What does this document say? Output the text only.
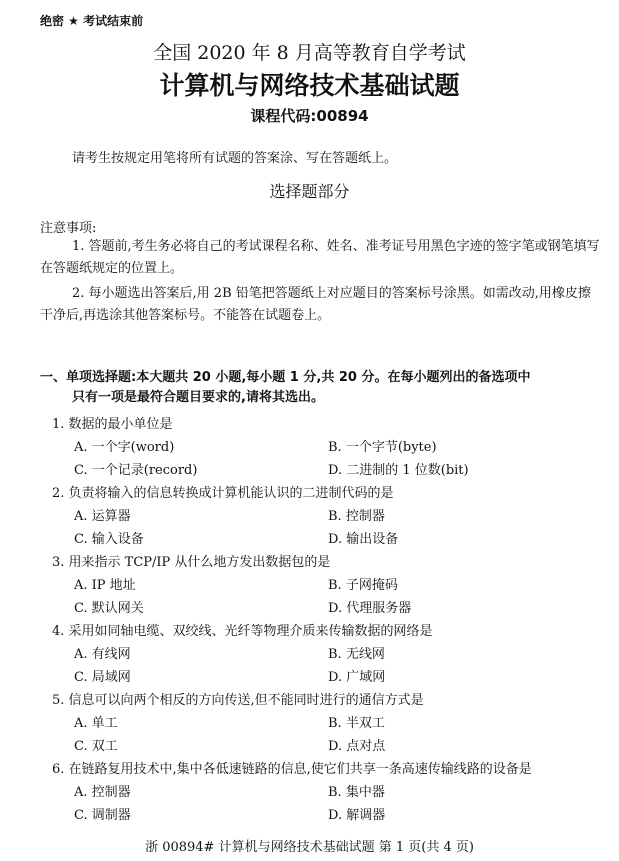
绝密 ★ 考试结束前
全国 2020 年 8 月高等教育自学考试
计算机与网络技术基础试题
课程代码:00894
请考生按规定用笔将所有试题的答案涂、写在答题纸上。
选择题部分
注意事项:
1. 答题前,考生务必将自己的考试课程名称、姓名、准考证号用黑色字迹的签字笔或钢笔填写在答题纸规定的位置上。
2. 每小题选出答案后,用 2B 铅笔把答题纸上对应题目的答案标号涂黑。如需改动,用橡皮擦干净后,再选涂其他答案标号。不能答在试题卷上。
一、单项选择题:本大题共 20 小题,每小题 1 分,共 20 分。在每小题列出的备选项中
只有一项是最符合题目要求的,请将其选出。
1. 数据的最小单位是
A. 一个字(word)	B. 一个字节(byte)
C. 一个记录(record)	D. 二进制的 1 位数(bit)
2. 负责将输入的信息转换成计算机能认识的二进制代码的是
A. 运算器	B. 控制器
C. 输入设备	D. 输出设备
3. 用来指示 TCP/IP 从什么地方发出数据包的是
A. IP 地址	B. 子网掩码
C. 默认网关	D. 代理服务器
4. 采用如同轴电缆、双绞线、光纤等物理介质来传输数据的网络是
A. 有线网	B. 无线网
C. 局域网	D. 广域网
5. 信息可以向两个相反的方向传送,但不能同时进行的通信方式是
A. 单工	B. 半双工
C. 双工	D. 点对点
6. 在链路复用技术中,集中各低速链路的信息,使它们共享一条高速传输线路的设备是
A. 控制器	B. 集中器
C. 调制器	D. 解调器
浙 00894# 计算机与网络技术基础试题 第 1 页(共 4 页)
